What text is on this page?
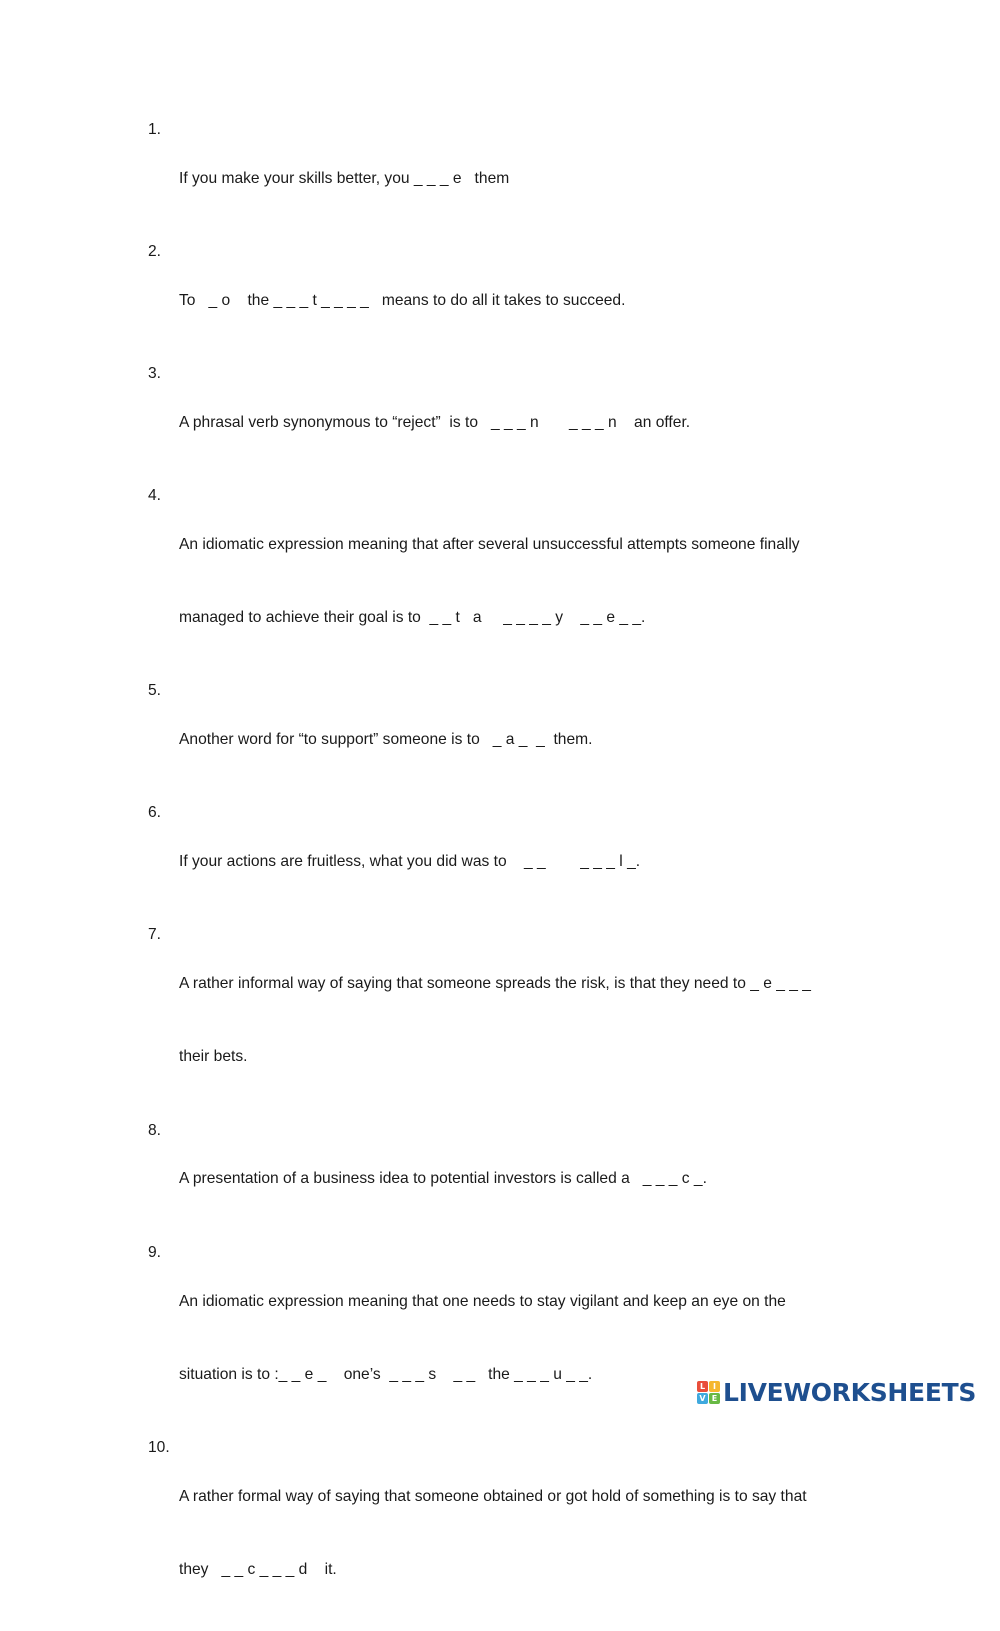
1.

If you make your skills better, you _ _ _ e   them

2.

To   _ o    the _ _ _ t _ _ _ _   means to do all it takes to succeed.

3.

A phrasal verb synonymous to “reject”  is to   _ _ _ n       _ _ _ n    an offer.

4.

An idiomatic expression meaning that after several unsuccessful attempts someone finally

managed to achieve their goal is to  _ _ t   a     _ _ _ _ y    _ _ e _ _.

5.

Another word for “to support” someone is to   _ a _  _  them.

6.

If your actions are fruitless, what you did was to    _ _        _ _ _ l _.

7.

A rather informal way of saying that someone spreads the risk, is that they need to _ e _ _ _

their bets.

8.

A presentation of a business idea to potential investors is called a   _ _ _ c _.

9.

An idiomatic expression meaning that one needs to stay vigilant and keep an eye on the

situation is to :_ _ e _    one’s  _ _ _ s    _ _   the _ _ _ u _ _.

10.

A rather formal way of saying that someone obtained or got hold of something is to say that

they   _ _ c _ _ _ d    it.

L I
V E LIVEWORKSHEETS
